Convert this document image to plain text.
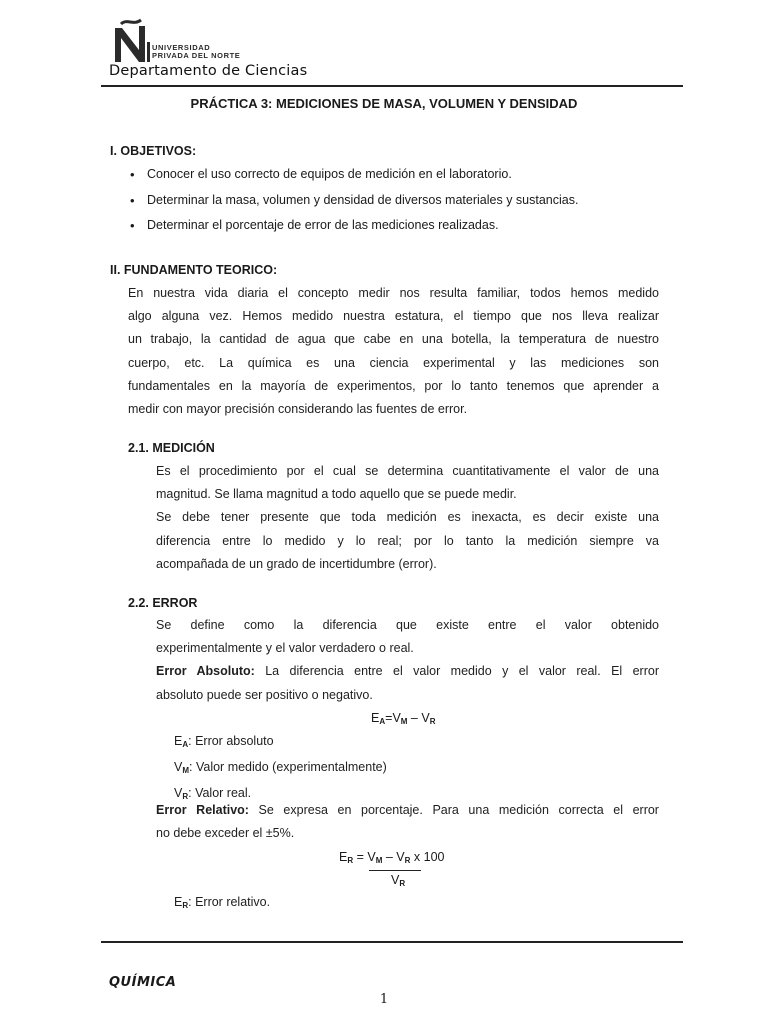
UNIVERSIDAD
PRIVADA DEL NORTE
Departamento de Ciencias
PRÁCTICA 3: MEDICIONES DE MASA, VOLUMEN Y DENSIDAD
I. OBJETIVOS:
• Conocer el uso correcto de equipos de medición en el laboratorio.
• Determinar la masa, volumen y densidad de diversos materiales y sustancias.
• Determinar el porcentaje de error de las mediciones realizadas.
II. FUNDAMENTO TEORICO:
En nuestra vida diaria el concepto medir nos resulta familiar, todos hemos medido
algo alguna vez. Hemos medido nuestra estatura, el tiempo que nos lleva realizar
un trabajo, la cantidad de agua que cabe en una botella, la temperatura de nuestro
cuerpo, etc. La química es una ciencia experimental y las mediciones son
fundamentales en la mayoría de experimentos, por lo tanto tenemos que aprender a
medir con mayor precisión considerando las fuentes de error.
2.1. MEDICIÓN
Es el procedimiento por el cual se determina cuantitativamente el valor de una
magnitud. Se llama magnitud a todo aquello que se puede medir.
Se debe tener presente que toda medición es inexacta, es decir existe una
diferencia entre lo medido y lo real; por lo tanto la medición siempre va
acompañada de un grado de incertidumbre (error).
2.2. ERROR
Se define como la diferencia que existe entre el valor obtenido
experimentalmente y el valor verdadero o real.
Error Absoluto: La diferencia entre el valor medido y el valor real. El error
absoluto puede ser positivo o negativo.
$E_A=V_M - V_R$
$E_A$: Error absoluto
$V_M$: Valor medido (experimentalmente)
$V_R$: Valor real.
Error Relativo: Se expresa en porcentaje. Para una medición correcta el error
no debe exceder el ±5%.
$E_R = V_M - V_R$ x 100
$V_R$
$E_R$: Error relativo.
QUÍMICA
1
